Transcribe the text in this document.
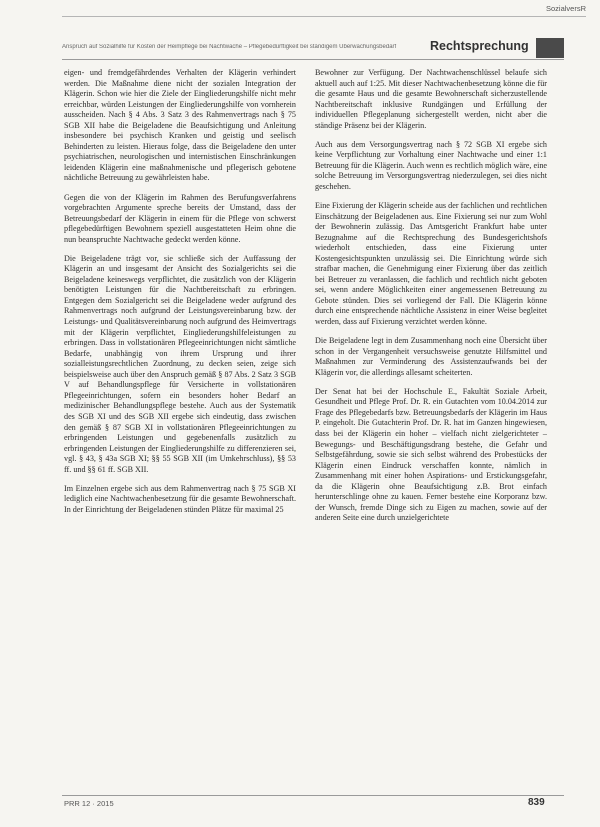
SozialversR
Anspruch auf Sozialhilfe für Kosten der Heimpflege bei Nachtwache – Pflegebedürftigkeit bei ständigem Überwachungsbedarf	Rechtsprechung

eigen- und fremdgefährdendes Verhalten der Klägerin verhindert werden. Die Maßnahme diene nicht der sozialen Integration der Klägerin. Schon wie hier die Ziele der Eingliederungshilfe nicht mehr erreichbar, würden Leistungen der Eingliederungshilfe von vornherein ausscheiden. Nach § 4 Abs. 3 Satz 3 des Rahmenvertrags nach § 75 SGB XII habe die Beigeladene die Beaufsichtigung und Anleitung insbesondere bei psychisch Kranken und geistig und seelisch Behinderten zu leisten. Hieraus folge, dass die Beigeladene den unter psychiatrischen, neurologischen und internistischen Einschränkungen leidenden Klägerin eine maßnahmenische und pflegerisch gebotene nächtliche Betreuung zu gewährleisten habe.

Gegen die von der Klägerin im Rahmen des Berufungsverfahrens vorgebrachten Argumente spreche bereits der Umstand, dass der Betreuungsbedarf der Klägerin in einem für die Pflege von schwerst pflegebedürftigen Bewohnern speziell ausgestatteten Heim ohne die nun beanspruchte Nachtwache gedeckt werden könne.

Die Beigeladene trägt vor, sie schließe sich der Auffassung der Klägerin an und insgesamt der Ansicht des Sozialgerichts sei die Beigeladene keineswegs verpflichtet, die zusätzlich von der Klägerin benötigten Leistungen für die Nachtbereitschaft zu erbringen. Entgegen dem Sozialgericht sei die Beigeladene weder aufgrund des Rahmenvertrags noch aufgrund der Leistungsvereinbarung bzw. der Leistungs- und Qualitätsvereinbarung noch aufgrund des Heimvertrags mit der Klägerin verpflichtet, Eingliederungshilfeleistungen zu erbringen. Dass in vollstationären Pflegeeinrichtungen nicht sämtliche Bedarfe, unabhängig von ihrem Ursprung und ihrer sozialleistungsrechtlichen Zuordnung, zu decken seien, zeige sich beispielsweise auch über den Anspruch gemäß § 87 Abs. 2 Satz 3 SGB V auf Behandlungspflege für Versicherte in vollstationären Pflegeeinrichtungen, sofern ein besonders hoher Bedarf an medizinischer Behandlungspflege bestehe. Auch aus der Systematik des SGB XI und des SGB XII ergebe sich eindeutig, dass zwischen den gemäß § 87 SGB XI in vollstationären Pflegeeinrichtungen zu erbringenden Leistungen und gegebenenfalls zusätzlich zu erbringenden Leistungen der Eingliederungshilfe zu differenzieren sei, vgl. § 43, § 43a SGB XI; §§ 55 SGB XII (im Umkehrschluss), §§ 53 ff. und §§ 61 ff. SGB XII.

Im Einzelnen ergebe sich aus dem Rahmenvertrag nach § 75 SGB XI lediglich eine Nachtwachenbesetzung für die gesamte Bewohnerschaft. In der Einrichtung der Beigeladenen stünden Plätze für maximal 25

Bewohner zur Verfügung. Der Nachtwachenschlüssel belaufe sich aktuell auch auf 1:25. Mit dieser Nachtwachenbesetzung könne die für die gesamte Haus und die gesamte Bewohnerschaft sicherzustellende Nachtbereitschaft inklusive Rundgängen und Erfüllung der individuellen Pflegeplanung sichergestellt werden, nicht aber die ständige Präsenz bei der Klägerin.

Auch aus dem Versorgungsvertrag nach § 72 SGB XI ergebe sich keine Verpflichtung zur Vorhaltung einer Nachtwache und einer 1:1 Betreuung für die Klägerin. Auch wenn es rechtlich möglich wäre, eine solche Betreuung im Versorgungsvertrag niederzulegen, sei dies nicht geschehen.

Eine Fixierung der Klägerin scheide aus der fachlichen und rechtlichen Einschätzung der Beigeladenen aus. Eine Fixierung sei nur zum Wohl der Bewohnerin zulässig. Das Amtsgericht Frankfurt habe unter Bezugnahme auf die Rechtsprechung des Bundesgerichtshofs wiederholt entschieden, dass eine Fixierung unter Kostengesichtspunkten unzulässig sei. Die Einrichtung würde sich strafbar machen, die Genehmigung einer Fixierung über das zeitlich bei Betreuer zu veranlassen, die fachlich und rechtlich nicht geboten sei, wenn andere Möglichkeiten einer angemessenen Betreuung zu Gebote stünden. Dies sei vorliegend der Fall. Die Klägerin könne durch eine entsprechende nächtliche Assistenz in einer Weise begleitet werden, dass auf Fixierung verzichtet werden könne.

Die Beigeladene legt in dem Zusammenhang noch eine Übersicht über schon in der Vergangenheit versuchsweise genutzte Hilfsmittel und Maßnahmen zur Verminderung des Assistenzaufwands bei der Klägerin vor, die allerdings allesamt scheiterten.

Der Senat hat bei der Hochschule E., Fakultät Soziale Arbeit, Gesundheit und Pflege Prof. Dr. R. ein Gutachten vom 10.04.2014 zur Frage des Pflegebedarfs bzw. Betreuungsbedarfs der Klägerin im Haus P. eingeholt. Die Gutachterin Prof. Dr. R. hat im Ganzen hingewiesen, dass bei der Klägerin ein hoher – vielfach nicht zielgerichteter – Bewegungs- und Beschäftigungsdrang bestehe, die Gefahr und Selbstgefährdung, sowie sie sich selbst während des Probestücks der Klägerin einen Eindruck verschaffen konnte, nämlich in Zusammenhang mit einer hohen Aspirations- und Erstickungsgefahr, da die Klägerin ohne Beaufsichtigung z.B. Brot einfach herunterschlinge ohne zu kauen. Ferner bestehe eine Korporanz bzw. der Wunsch, fremde Dinge sich zu Eigen zu machen, sowie auf der anderen Seite eine durch unzielgerichtete

PRR 12 · 2015	839
